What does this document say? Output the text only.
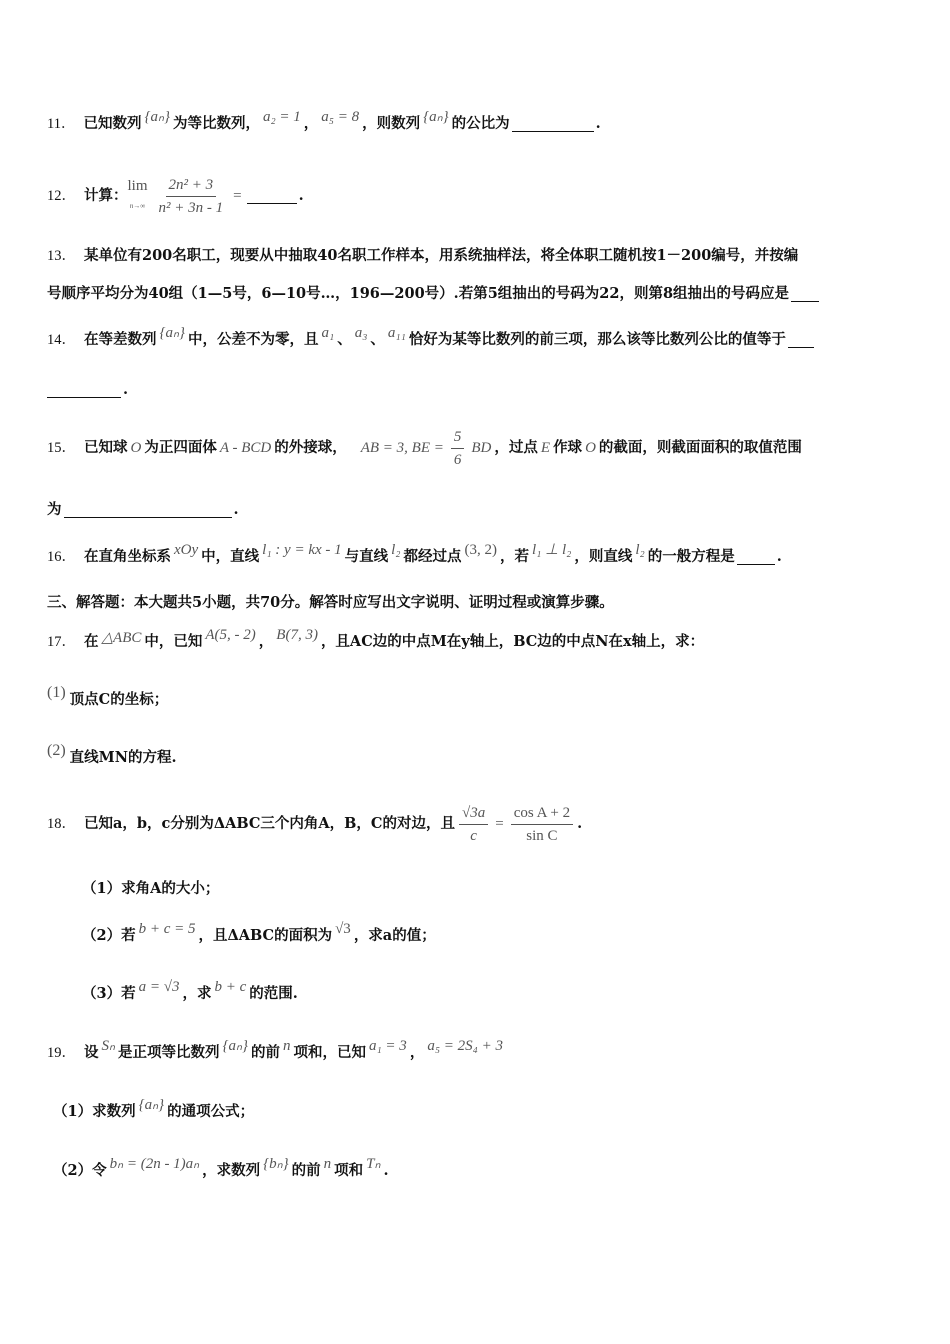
11． 已知数列 {aₙ} 为等比数列， a₂ = 1 ， a₅ = 8 ，则数列 {aₙ} 的公比为	.
12． 计算：
lim
$n\to\infty \frac{\text{2n² + 3}}{\text{n² + 3n - 1}}$ =	.
13． 某单位有200名职工，现要从中抽取40名职工作样本，用系统抽样法，将全体职工随机按1－200编号，并按编
号顺序平均分为40组（1—5号，6—10号…，196—200号）.若第5组抽出的号码为22，则第8组抽出的号码应是
14． 在等差数列 {aₙ} 中，公差不为零，且 a₁ 、 a₃ 、 a₁₁ 恰好为某等比数列的前三项，那么该等比数列公比的值等于
.
15． 已知球 O 为正四面体 A - BCD 的外接球， AB = 3, BE = $\frac{5}{6}$ BD ，过点 E 作球 O 的截面，则截面面积的取值范围
为	.
16． 在直角坐标系 xOy 中，直线 l₁ : y = kx - 1 与直线 l₂ 都经过点 (3, 2) ，若 l₁ ⊥ l₂ ，则直线 l₂ 的一般方程是	.
三、解答题：本大题共5小题，共70分。解答时应写出文字说明、证明过程或演算步骤。
17． 在 △ABC 中，已知 A(5, - 2) ， B(7, 3) ，且AC边的中点M在y轴上，BC边的中点N在x轴上，求：
(1) 顶点C的坐标；
(2) 直线MN的方程.
18． 已知a，b，c分别为ΔABC三个内角A，B，C的对边，且 $\frac{√3a}{c} = \frac{\text{cos A + 2}}{\text{sin C}}$ .
（1）求角A的大小；
（2）若 b + c = 5 ，且ΔABC的面积为 √3 ，求a的值；
（3）若 a = √3 ，求 b + c 的范围.
19． 设 Sₙ 是正项等比数列 {aₙ} 的前 n 项和，已知 a₁ = 3 ， a₅ = 2S₄ + 3
（1）求数列 {aₙ} 的通项公式；
（2）令 bₙ = (2n - 1)aₙ ，求数列 {bₙ} 的前 n 项和 Tₙ .
